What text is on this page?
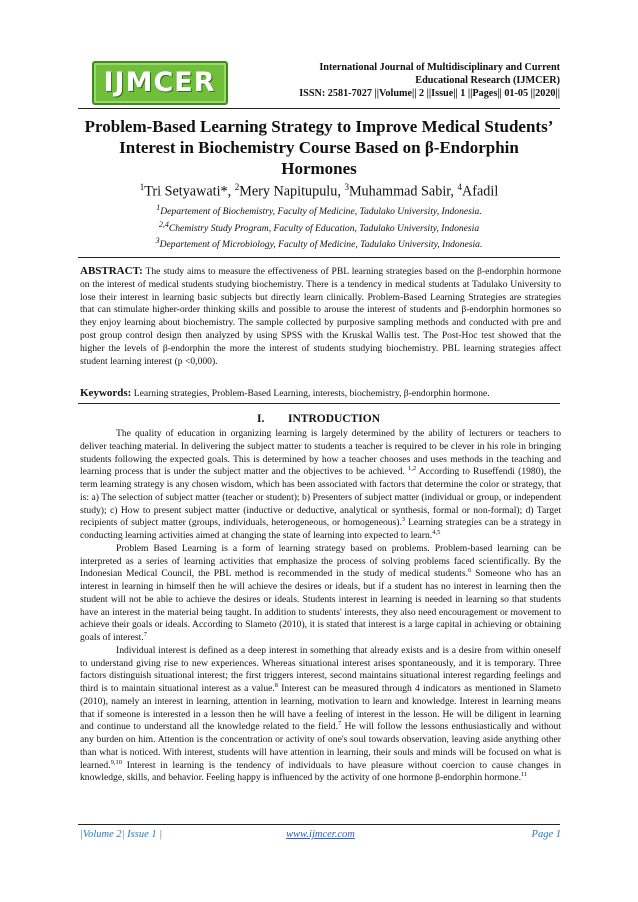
IJMCER	International Journal of Multidisciplinary and Current
Educational Research (IJMCER)
ISSN: 2581-7027 ||Volume|| 2 ||Issue|| 1 ||Pages|| 01-05 ||2020||
Problem-Based Learning Strategy to Improve Medical Students’
Interest in Biochemistry Course Based on β-Endorphin
Hormones
$^1$Tri Setyawati*, $^2$Mery Napitupulu, $^3$Muhammad Sabir, $^4$Afadil
$^1$Departement of Biochemistry, Faculty of Medicine, Tadulako University, Indonesia.
$^{2,4}$Chemistry Study Program, Faculty of Education, Tadulako University, Indonesia
$^3$Departement of Microbiology, Faculty of Medicine, Tadulako University, Indonesia.
ABSTRACT: The study aims to measure the effectiveness of PBL learning strategies based on the β-endorphin hormone on the interest of medical students studying biochemistry. There is a tendency in medical students at Tadulako University to lose their interest in learning basic subjects but directly learn clinically. Problem-Based Learning Strategies are strategies that can stimulate higher-order thinking skills and possible to arouse the interest of students and β-endorphin hormones so they enjoy learning about biochemistry. The sample collected by purposive sampling methods and conducted with pre and post group control design then analyzed by using SPSS with the Kruskal Wallis test. The Post-Hoc test showed that the higher the levels of β-endorphin the more the interest of students studying biochemistry. PBL learning strategies affect student learning interest (p <0,000).
Keywords: Learning strategies, Problem-Based Learning, interests, biochemistry, β-endorphin hormone.
I. INTRODUCTION

The quality of education in organizing learning is largely determined by the ability of lecturers or teachers to deliver teaching material. In delivering the subject matter to students a teacher is required to be clever in his role in bringing students following the expected goals. This is determined by how a teacher chooses and uses methods in the teaching and learning process that is under the subject matter and the objectives to be achieved. $^{1,2}$ According to Ruseffendi (1980), the term learning strategy is any chosen wisdom, which has been associated with factors that determine the color or strategy, that is: a) The selection of subject matter (teacher or student); b) Presenters of subject matter (individual or group, or independent study); c) How to present subject matter (inductive or deductive, analytical or synthesis, formal or non-formal); d) Target recipients of subject matter (groups, individuals, heterogeneous, or homogeneous).$^3$ Learning strategies can be a strategy in conducting learning activities aimed at changing the state of learning into expected to learn.$^{4,5}$

Problem Based Learning is a form of learning strategy based on problems. Problem-based learning can be interpreted as a series of learning activities that emphasize the process of solving problems faced scientifically. By the Indonesian Medical Council, the PBL method is recommended in the study of medical students.$^6$ Someone who has an interest in learning in himself then he will achieve the desires or ideals, but if a student has no interest in learning then the student will not be able to achieve the desires or ideals. Students interest in learning is needed in learning so that students have an interest in the material being taught. In addition to students' interests, they also need encouragement or movement to achieve their goals or ideals. According to Slameto (2010), it is stated that interest is a large capital in achieving or obtaining goals of interest.$^7$

Individual interest is defined as a deep interest in something that already exists and is a desire from within oneself to understand giving rise to new experiences. Whereas situational interest arises spontaneously, and it is temporary. Three factors distinguish situational interest; the first triggers interest, second maintains situational interest regarding feelings and third is to maintain situational interest as a value.$^8$ Interest can be measured through 4 indicators as mentioned in Slameto (2010), namely an interest in learning, attention in learning, motivation to learn and knowledge. Interest in learning means that if someone is interested in a lesson then he will have a feeling of interest in the lesson. He will be diligent in learning and continue to understand all the knowledge related to the field.$^7$ He will follow the lessons enthusiastically and without any burden on him. Attention is the concentration or activity of one's soul towards observation, leaving aside anything other than what is noticed. With interest, students will have attention in learning, their souls and minds will be focused on what is learned.$^{9,10}$ Interest in learning is the tendency of individuals to have pleasure without coercion to cause changes in knowledge, skills, and behavior. Feeling happy is influenced by the activity of one hormone β-endorphin hormone.$^{11}$

|Volume 2| Issue 1 |	www.ijmcer.com	Page 1
